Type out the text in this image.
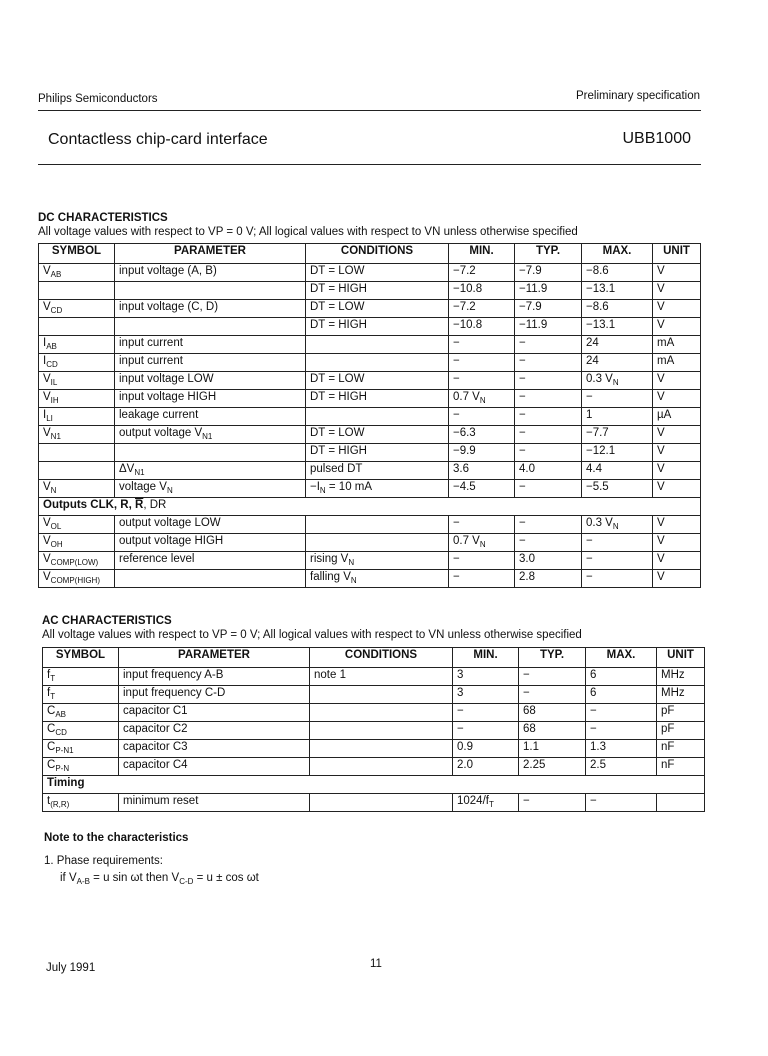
Philips Semiconductors	Preliminary specification
Contactless chip-card interface	UBB1000
DC CHARACTERISTICS
All voltage values with respect to VP = 0 V; All logical values with respect to VN unless otherwise specified
SYMBOL	PARAMETER	CONDITIONS	MIN.	TYP.	MAX.	UNIT
$V_{AB}$	input voltage (A, B)	DT = LOW	−7.2	−7.9	−8.6	V
		DT = HIGH	−10.8	−11.9	−13.1	V
$V_{CD}$	input voltage (C, D)	DT = LOW	−7.2	−7.9	−8.6	V
		DT = HIGH	−10.8	−11.9	−13.1	V
$I_{AB}$	input current		−	−	24	mA
$I_{CD}$	input current		−	−	24	mA
$V_{IL}$	input voltage LOW	DT = LOW	−	−	0.3 $V_N$	V
$V_{IH}$	input voltage HIGH	DT = HIGH	0.7 $V_N$	−	−	V
$I_{LI}$	leakage current		−	−	1	µA
$V_{N1}$	output voltage $V_{N1}$	DT = LOW	−6.3	−	−7.7	V
		DT = HIGH	−9.9	−	−12.1	V
	$\Delta V_{N1}$	pulsed DT	3.6	4.0	4.4	V
$V_N$	voltage $V_N$	$-I_N = 10$ mA	−4.5	−	−5.5	V
Outputs CLK, R, $\overline{R}$, DR						
$V_{OL}$	output voltage LOW		−	−	0.3 $V_N$	V
$V_{OH}$	output voltage HIGH		0.7 $V_N$	−	−	V
$V_{COMP(LOW)}$	reference level	rising $V_N$	−	3.0	−	V
$V_{COMP(HIGH)}$		falling $V_N$	−	2.8	−	V
AC CHARACTERISTICS
All voltage values with respect to VP = 0 V; All logical values with respect to VN unless otherwise specified
SYMBOL	PARAMETER	CONDITIONS	MIN.	TYP.	MAX.	UNIT
$f_T$	input frequency A-B	note 1	3	−	6	MHz
$f_T$	input frequency C-D		3	−	6	MHz
$C_{AB}$	capacitor C1		−	68	−	pF
$C_{CD}$	capacitor C2		−	68	−	pF
$C_{P-N1}$	capacitor C3		0.9	1.1	1.3	nF
$C_{P-N}$	capacitor C4		2.0	2.25	2.5	nF
Timing						
$t_{(R,R)}$	minimum reset		$1024/f_T$	−	−	
Note to the characteristics
1. Phase requirements:
if $V_{A-B} = u$ sin ωt then $V_{C-D} = u \pm \cos \omega t$
July 1991	11
